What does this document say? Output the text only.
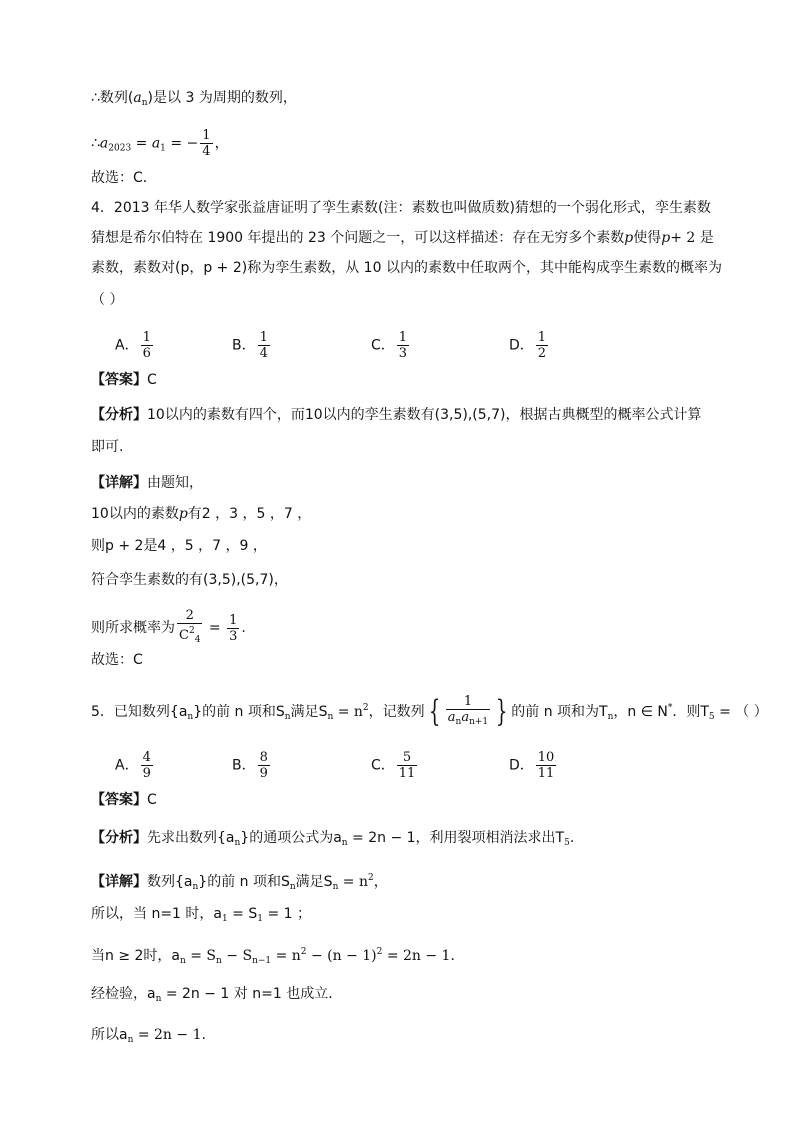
∴数列$(a_n)$是以 3 为周期的数列，
$\therefore a_{2023} = a_1$ = − $\frac{1}{4}$ ，
故选：C．
4．2013 年华人数学家张益唐证明了孪生素数(注：素数也叫做质数)猜想的一个弱化形式，孪生素数
猜想是希尔伯特在 1900 年提出的 23 个问题之一，可以这样描述：存在无穷多个素数p使得p+ 2 是
素数，素数对(p，p + 2)称为孪生素数，从 10 以内的素数中任取两个，其中能构成孪生素数的概率为
（ ）
A． $\frac{1}{6}$	B． $\frac{1}{4}$	C． $\frac{1}{3}$	D． $\frac{1}{2}$
【答案】C
【分析】10以内的素数有四个，而10以内的孪生素数有(3,5),(5,7)，根据古典概型的概率公式计算
即可.
【详解】由题知，
10以内的素数p有2 ，3 ，5 ，7 ，
则p + 2是4 ，5 ，7 ，9 ，
符合孪生素数的有(3,5),(5,7)，
则所求概率为 $\frac{2}{C^2_4} = \frac{1}{3}$ .
故选：C
5．已知数列$\{a_n\}$的前 n 项和$S_n$满足$S_n = n^2$，记数列 { $\frac{1}{a_na_{n+1}}$ } 的前 n 项和为$T_n$，n ∈ N*．则$T_5$ = （ ）
A． $\frac{4}{9}$	B． $\frac{8}{9}$	C． $\frac{5}{11}$	D． $\frac{10}{11}$
【答案】C
【分析】先求出数列$\{a_n\}$的通项公式为$a_n = 2n - 1$，利用裂项相消法求出$T_5$.
【详解】数列$\{a_n\}$的前 n 项和$S_n$满足$S_n = n^2$，
所以，当 n=1 时，$a_1 = S_1 = 1$ ；
当n ≥ 2时，$a_n = S_n - S_{n-1} = n^2 - (n - 1)^2 = 2n - 1$.
经检验，$a_n = 2n - 1$ 对 n=1 也成立.
所以$a_n = 2n - 1$.
